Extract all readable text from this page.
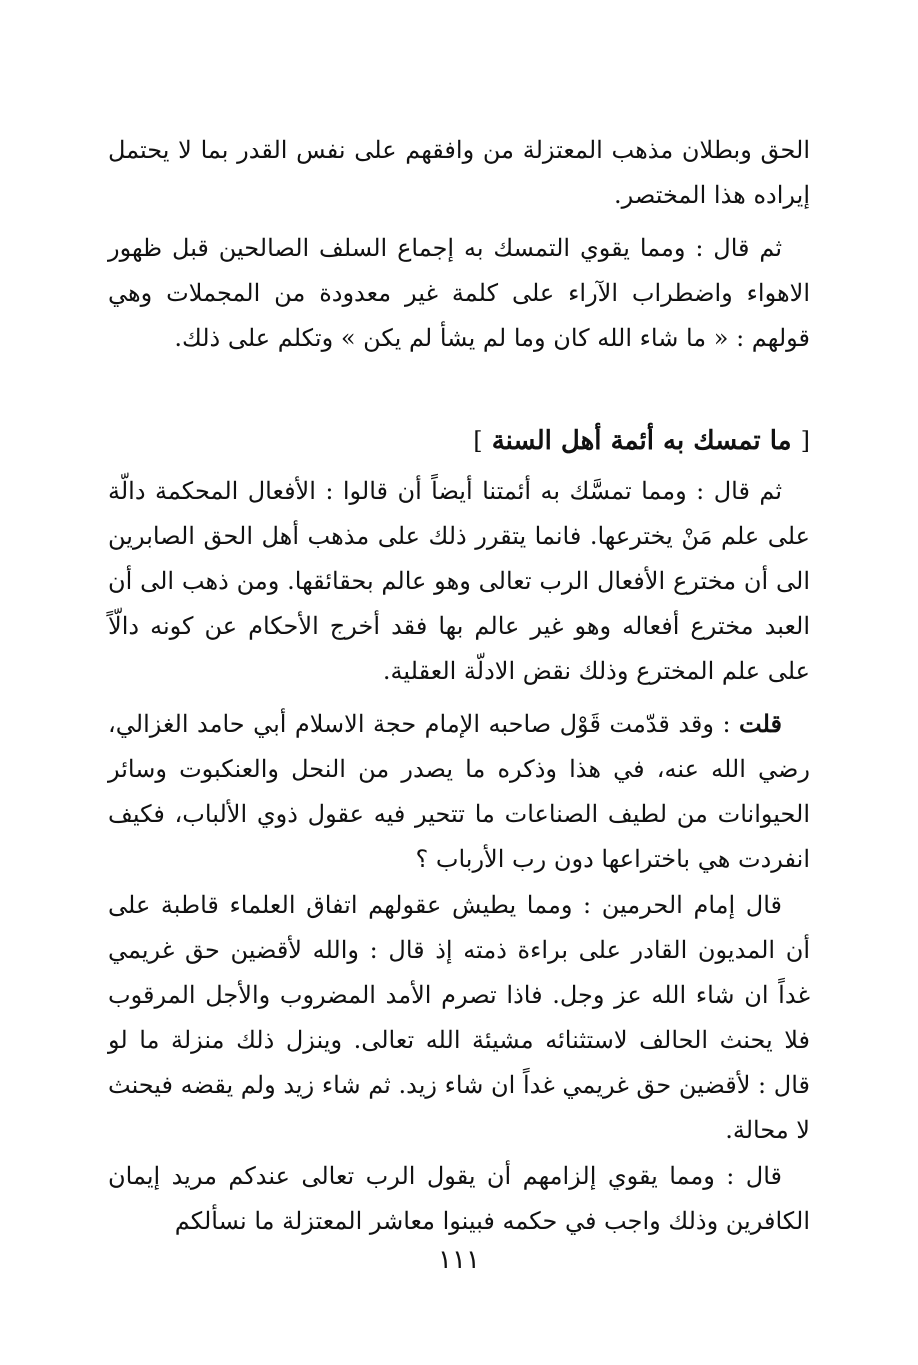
الحق وبطلان مذهب المعتزلة من وافقهم على نفس القدر بما لا يحتمل إيراده هذا المختصر.

ثم قال : ومما يقوي التمسك به إجماع السلف الصالحين قبل ظهور الاهواء واضطراب الآراء على كلمة غير معدودة من المجملات وهي قولهم : « ما شاء الله كان وما لم يشأ لم يكن » وتكلم على ذلك.

[ ما تمسك به أئمة أهل السنة ]

ثم قال : ومما تمسَّك به أئمتنا أيضاً أن قالوا : الأفعال المحكمة دالّة على علم مَنْ يخترعها. فانما يتقرر ذلك على مذهب أهل الحق الصابرين الى أن مخترع الأفعال الرب تعالى وهو عالم بحقائقها. ومن ذهب الى أن العبد مخترع أفعاله وهو غير عالم بها فقد أخرج الأحكام عن كونه دالّاً على علم المخترع وذلك نقض الادلّة العقلية.

قلت : وقد قدّمت قَوْل صاحبه الإمام حجة الاسلام أبي حامد الغزالي، رضي الله عنه، في هذا وذكره ما يصدر من النحل والعنكبوت وسائر الحيوانات من لطيف الصناعات ما تتحير فيه عقول ذوي الألباب، فكيف انفردت هي باختراعها دون رب الأرباب ؟

قال إمام الحرمين : ومما يطيش عقولهم اتفاق العلماء قاطبة على أن المديون القادر على براءة ذمته إذ قال : والله لأقضين حق غريمي غداً ان شاء الله عز وجل. فاذا تصرم الأمد المضروب والأجل المرقوب فلا يحنث الحالف لاستثنائه مشيئة الله تعالى. وينزل ذلك منزلة ما لو قال : لأقضين حق غريمي غداً ان شاء زيد. ثم شاء زيد ولم يقضه فيحنث لا محالة.

قال : ومما يقوي إلزامهم أن يقول الرب تعالى عندكم مريد إيمان الكافرين وذلك واجب في حكمه فبينوا معاشر المعتزلة ما نسألكم

١١١
